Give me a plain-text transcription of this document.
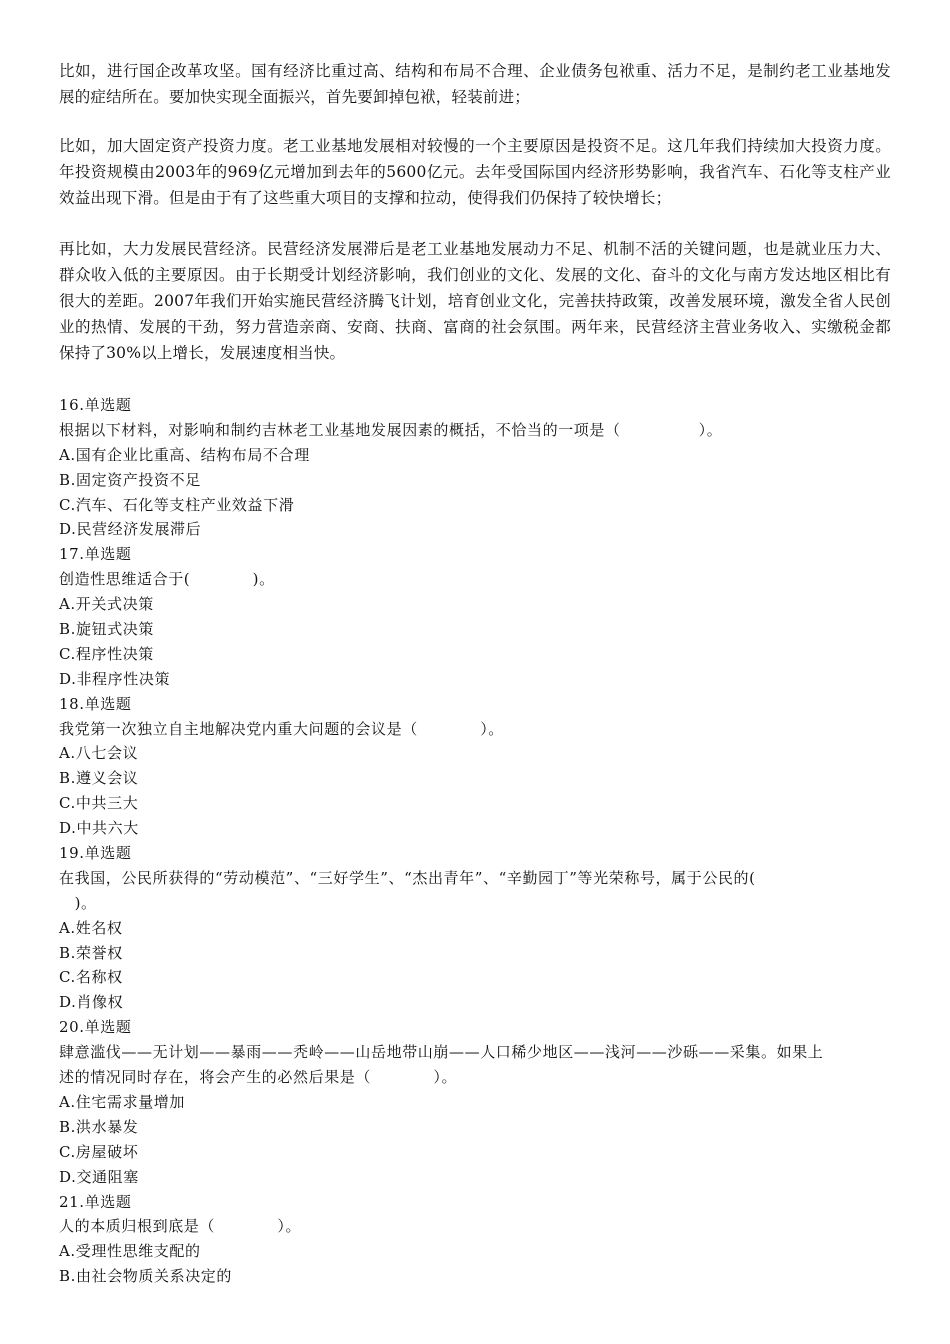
比如，进行国企改革攻坚。国有经济比重过高、结构和布局不合理、企业债务包袱重、活力不足，是制约老工业基地发展的症结所在。要加快实现全面振兴，首先要卸掉包袱，轻装前进；

比如，加大固定资产投资力度。老工业基地发展相对较慢的一个主要原因是投资不足。这几年我们持续加大投资力度。年投资规模由2003年的969亿元增加到去年的5600亿元。去年受国际国内经济形势影响，我省汽车、石化等支柱产业效益出现下滑。但是由于有了这些重大项目的支撑和拉动，使得我们仍保持了较快增长；

再比如，大力发展民营经济。民营经济发展滞后是老工业基地发展动力不足、机制不活的关键问题，也是就业压力大、群众收入低的主要原因。由于长期受计划经济影响，我们创业的文化、发展的文化、奋斗的文化与南方发达地区相比有很大的差距。2007年我们开始实施民营经济腾飞计划，培育创业文化，完善扶持政策，改善发展环境，激发全省人民创业的热情、发展的干劲，努力营造亲商、安商、扶商、富商的社会氛围。两年来，民营经济主营业务收入、实缴税金都保持了30%以上增长，发展速度相当快。

16.单选题

根据以下材料，对影响和制约吉林老工业基地发展因素的概括，不恰当的一项是（　　　　　）。

A.国有企业比重高、结构布局不合理

B.固定资产投资不足

C.汽车、石化等支柱产业效益下滑

D.民营经济发展滞后

17.单选题

创造性思维适合于(　　　　)。

A.开关式决策

B.旋钮式决策

C.程序性决策

D.非程序性决策

18.单选题

我党第一次独立自主地解决党内重大问题的会议是（　　　　）。

A.八七会议

B.遵义会议

C.中共三大

D.中共六大

19.单选题

在我国，公民所获得的“劳动模范”、“三好学生”、“杰出青年”、“辛勤园丁”等光荣称号，属于公民的(

　)。

A.姓名权

B.荣誉权

C.名称权

D.肖像权

20.单选题

肆意滥伐——无计划——暴雨——秃岭——山岳地带山崩——人口稀少地区——浅河——沙砾——采集。如果上

述的情况同时存在，将会产生的必然后果是（　　　　）。

A.住宅需求量增加

B.洪水暴发

C.房屋破坏

D.交通阻塞

21.单选题

人的本质归根到底是（　　　　）。

A.受理性思维支配的

B.由社会物质关系决定的
